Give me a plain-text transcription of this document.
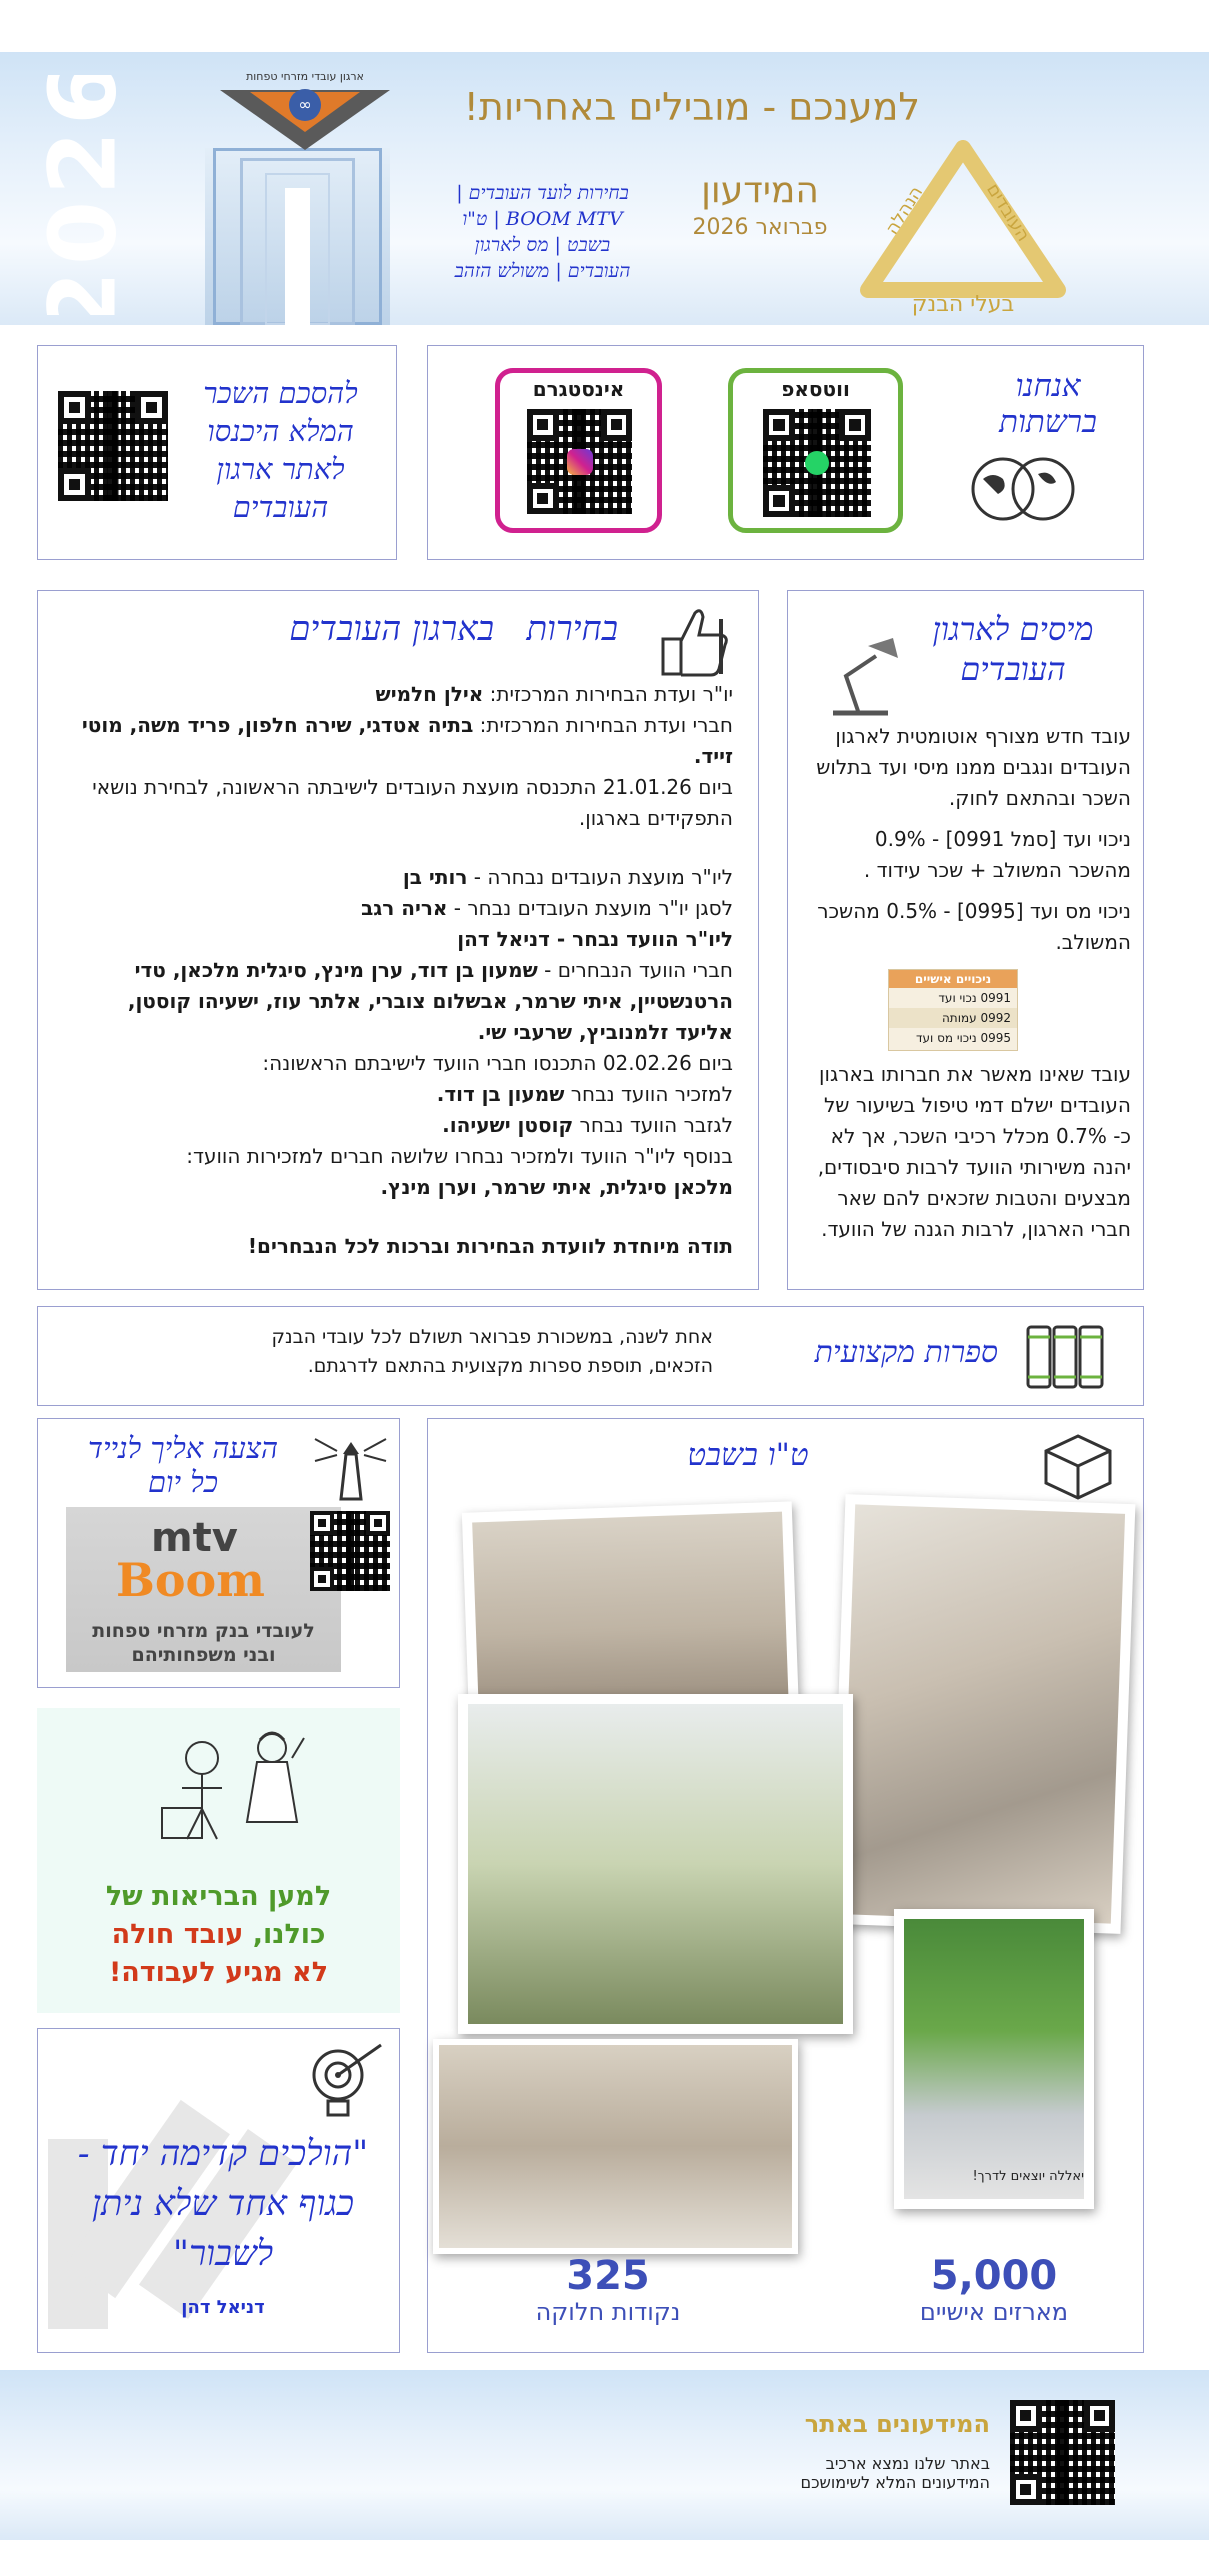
2026	∞
ארגון עובדי מזרחי טפחות
למענכם - מובילים באחריות!
בחירות לועד העובדים |
BOOM MTV | ט"ו
בשבט | מס לארגון
העובדים | משולש הזהב
המידעון
פברואר 2026
בעלי הבנק
הנהלה	העובדים
להסכם השכר
המלא היכנסו
לאתר ארגון
העובדים
אינסטגרם	ווטסאפ	אנחנו
ברשתות
בחירות   בארגון העובדים
יו"ר ועדת הבחירות המרכזית: אילן חלמיש
חברי ועדת הבחירות המרכזית: בתיה אטדגי, שירה חלפון, פריד משה, מוטי זייד.
ביום 21.01.26 התכנסה מועצת העובדים לישיבתה הראשונה, לבחירת נושאי התפקידים בארגון.
ליו"ר מועצת העובדים נבחרה - רותי בן
לסגן יו"ר מועצת העובדים נבחר - אריה רגב
ליו"ר הוועד נבחר - דניאל דהן
חברי הוועד הנבחרים - שמעון בן דוד, ערן מינץ, סיגלית מלכאן, טדי הרטנשטיין, איתי שרמר, אבשלום צוברי, אלתר עוז, ישעיהו קוסטן, אליעד זלמנוביץ, שרעבי שי.
ביום 02.02.26 התכנסו חברי הוועד לישיבתם הראשונה:
למזכיר הוועד נבחר שמעון בן דוד.
לגזבר הוועד נבחר קוסטן ישעיהו.
בנוסף ליו"ר הוועד ולמזכיר נבחרו שלושה חברים למזכירות הוועד:
מלכאן סיגלית, איתי שרמר, וערן מינץ.
תודה מיוחדת לוועדת הבחירות וברכות לכל הנבחרים!
מיסים לארגון
העובדים
עובד חדש מצורף אוטומטית לארגון העובדים ונגבים ממנו מיסי ועד בתלוש השכר ובהתאם לחוק.
ניכוי ועד [סמל 0991] - 0.9% מהשכר המשולב + שכר עידוד .
ניכוי מס ועד [0995] - 0.5% מהשכר המשולב.
ניכויים אישיים
0991 נכוי ועד
0992 עמותה
0995 ניכוי מס ועד
עובד שאינו מאשר את חברותו בארגון העובדים ישלם דמי טיפול בשיעור של כ- 0.7% מכלל רכיבי השכר, אך לא יהנה משירותי הוועד לרבות סיבסודים, מבצעים והטבות שזכאים להם שאר חברי הארגון, לרבות הגנה של הוועד.
אחת לשנה, במשכורת פברואר תשולם לכל עובדי הבנק הזכאים, תוספת ספרות מקצועית בהתאם לדרגתם.	ספרות מקצועית
הצעה אליך לנייד
כל יום
mtv
Boom
לעובדי בנק מזרחי טפחות
ובני משפחותיהם
למען הבריאות של
כולנו, עובד חולה
לא מגיע לעבודה!
"הולכים קדימה יחד - כגוף אחד שלא ניתן לשבור"
דניאל דהן
ט"ו בשבט
יאללה יוצאים לדרך!
325
נקודות חלוקה
5,000
מארזים אישיים
המידעונים באתר
באתר שלנו נמצא ארכיב
המידעונים המלא לשימושכם
